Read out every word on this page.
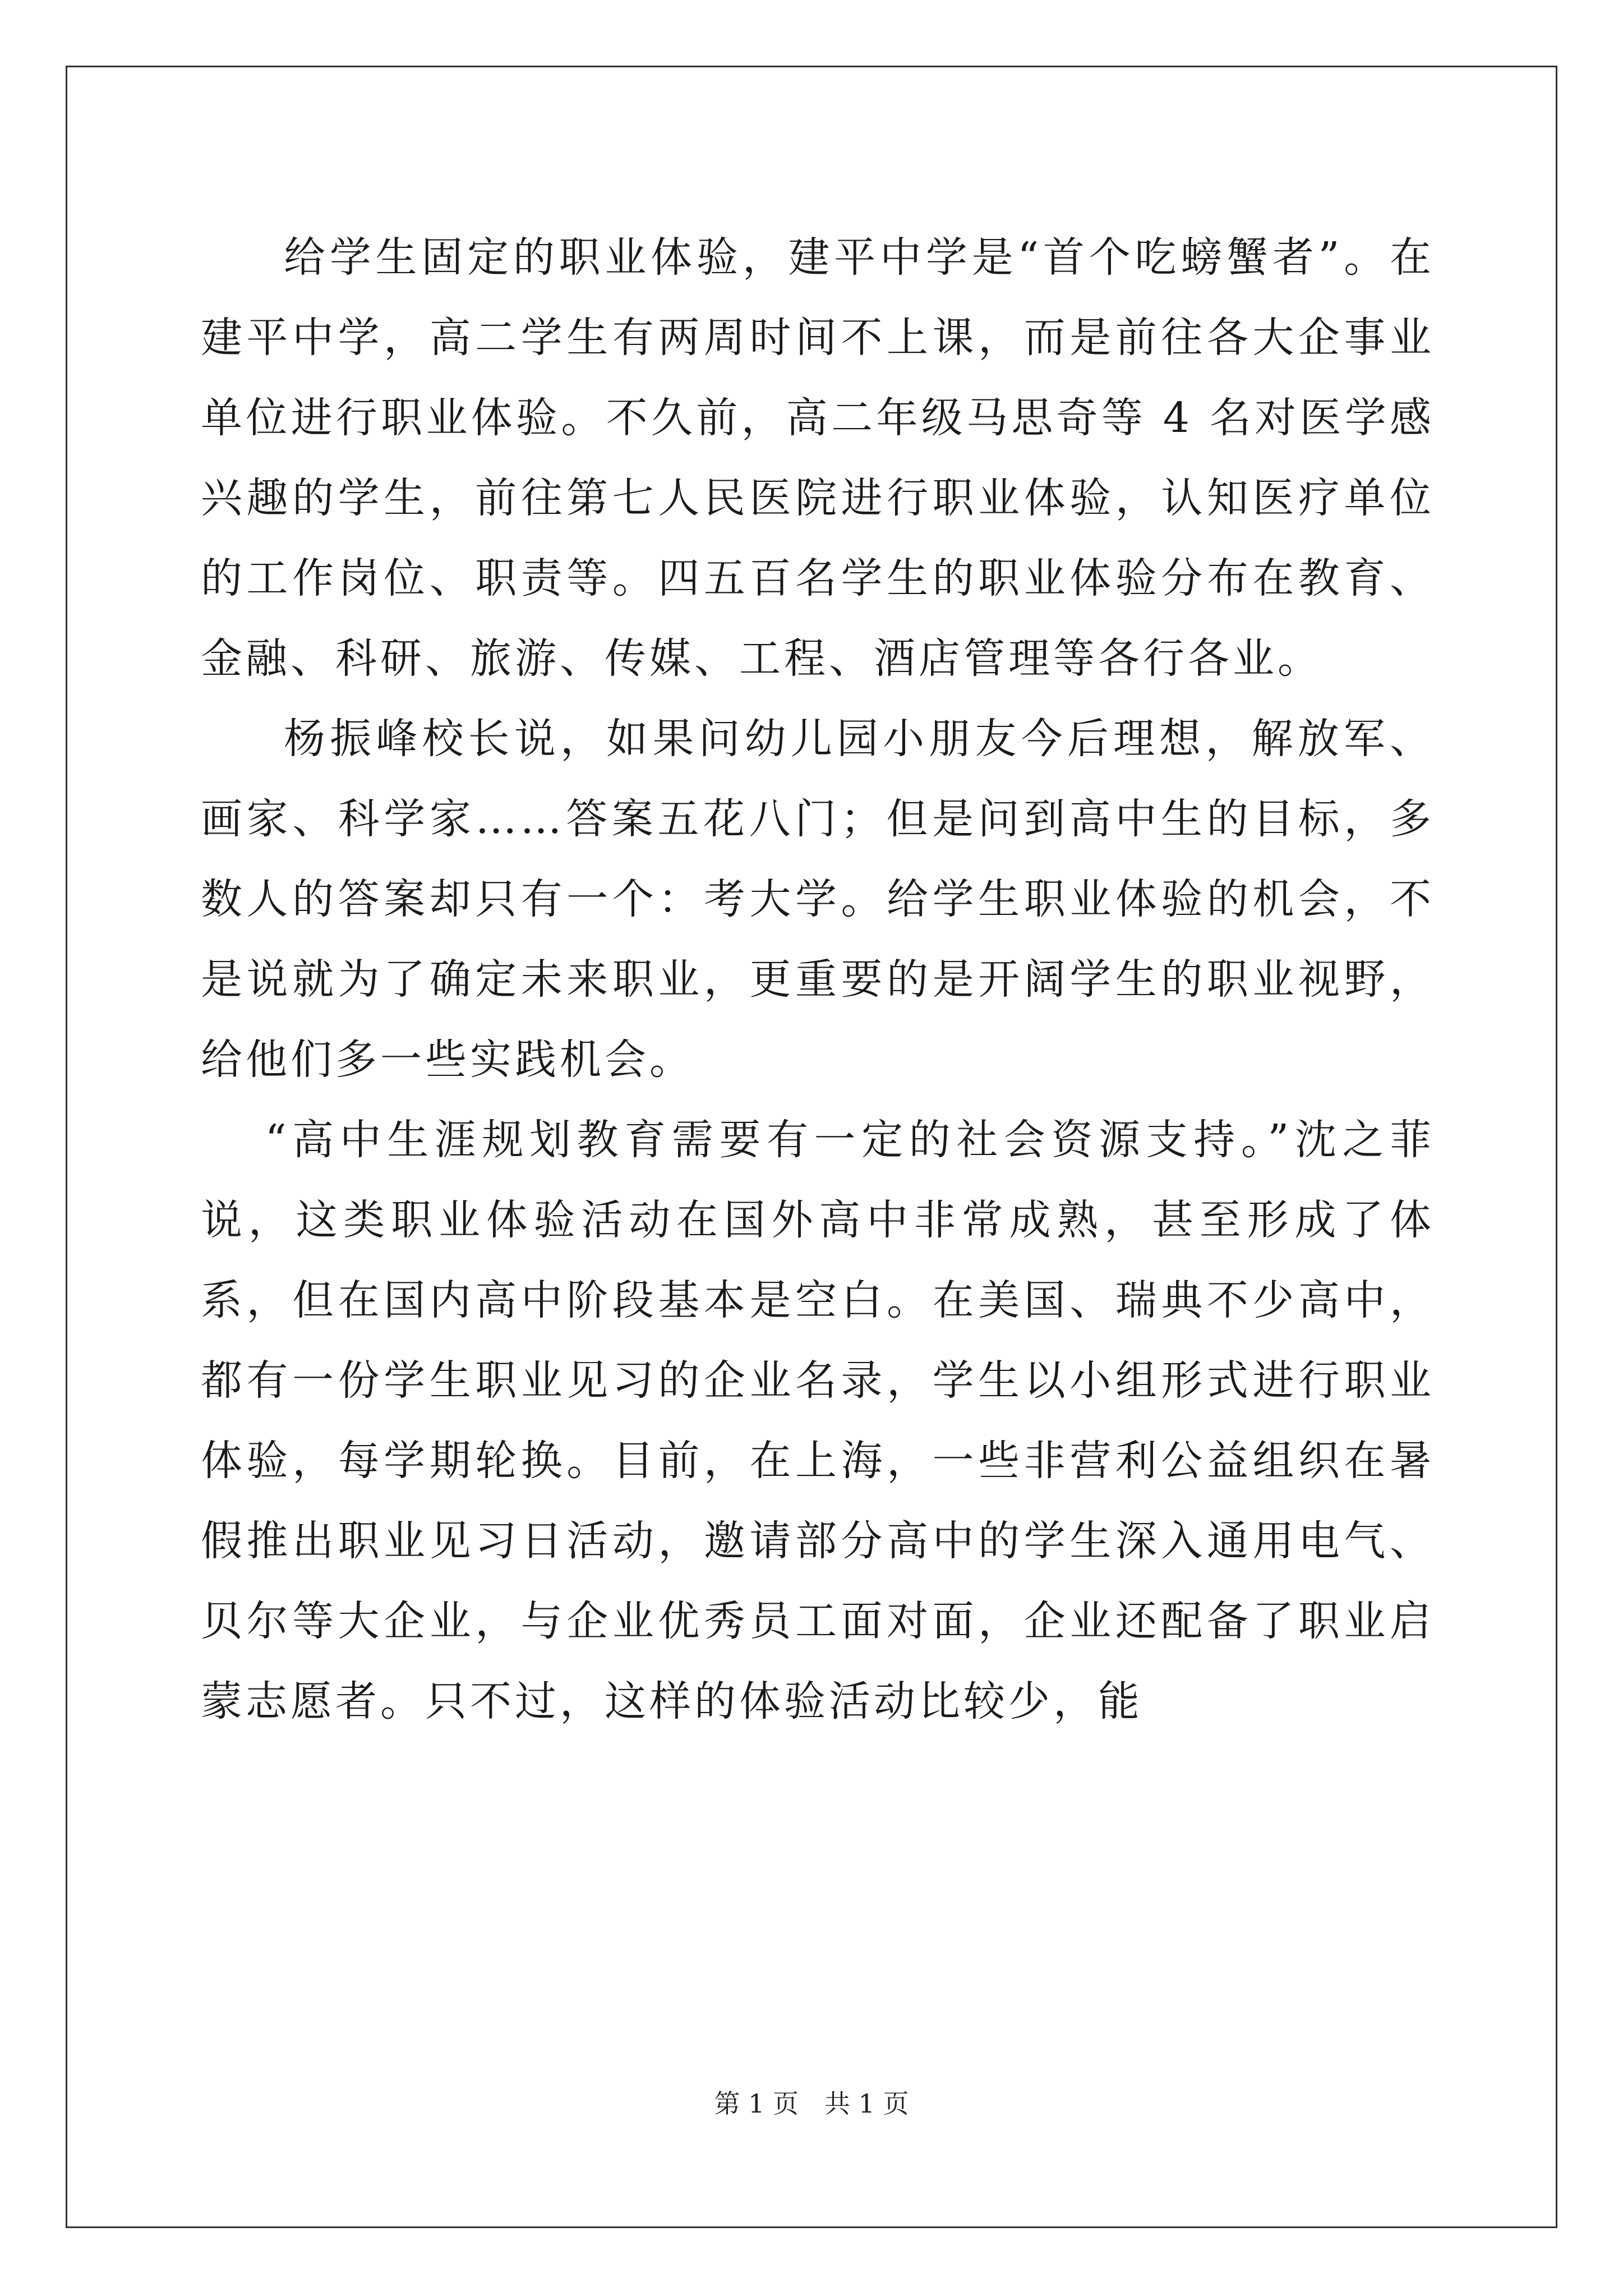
给学生固定的职业体验，建平中学是“首个吃螃蟹者”。在建平中学，高二学生有两周时间不上课，而是前往各大企事业单位进行职业体验。不久前，高二年级马思奇等 4 名对医学感兴趣的学生，前往第七人民医院进行职业体验，认知医疗单位的工作岗位、职责等。四五百名学生的职业体验分布在教育、金融、科研、旅游、传媒、工程、酒店管理等各行各业。

杨振峰校长说，如果问幼儿园小朋友今后理想，解放军、画家、科学家……答案五花八门；但是问到高中生的目标，多数人的答案却只有一个：考大学。给学生职业体验的机会，不是说就为了确定未来职业，更重要的是开阔学生的职业视野，给他们多一些实践机会。

“高中生涯规划教育需要有一定的社会资源支持。”沈之菲说，这类职业体验活动在国外高中非常成熟，甚至形成了体系，但在国内高中阶段基本是空白。在美国、瑞典不少高中，都有一份学生职业见习的企业名录，学生以小组形式进行职业体验，每学期轮换。目前，在上海，一些非营利公益组织在暑假推出职业见习日活动，邀请部分高中的学生深入通用电气、贝尔等大企业，与企业优秀员工面对面，企业还配备了职业启蒙志愿者。只不过，这样的体验活动比较少，能

第 1 页　共 1 页
